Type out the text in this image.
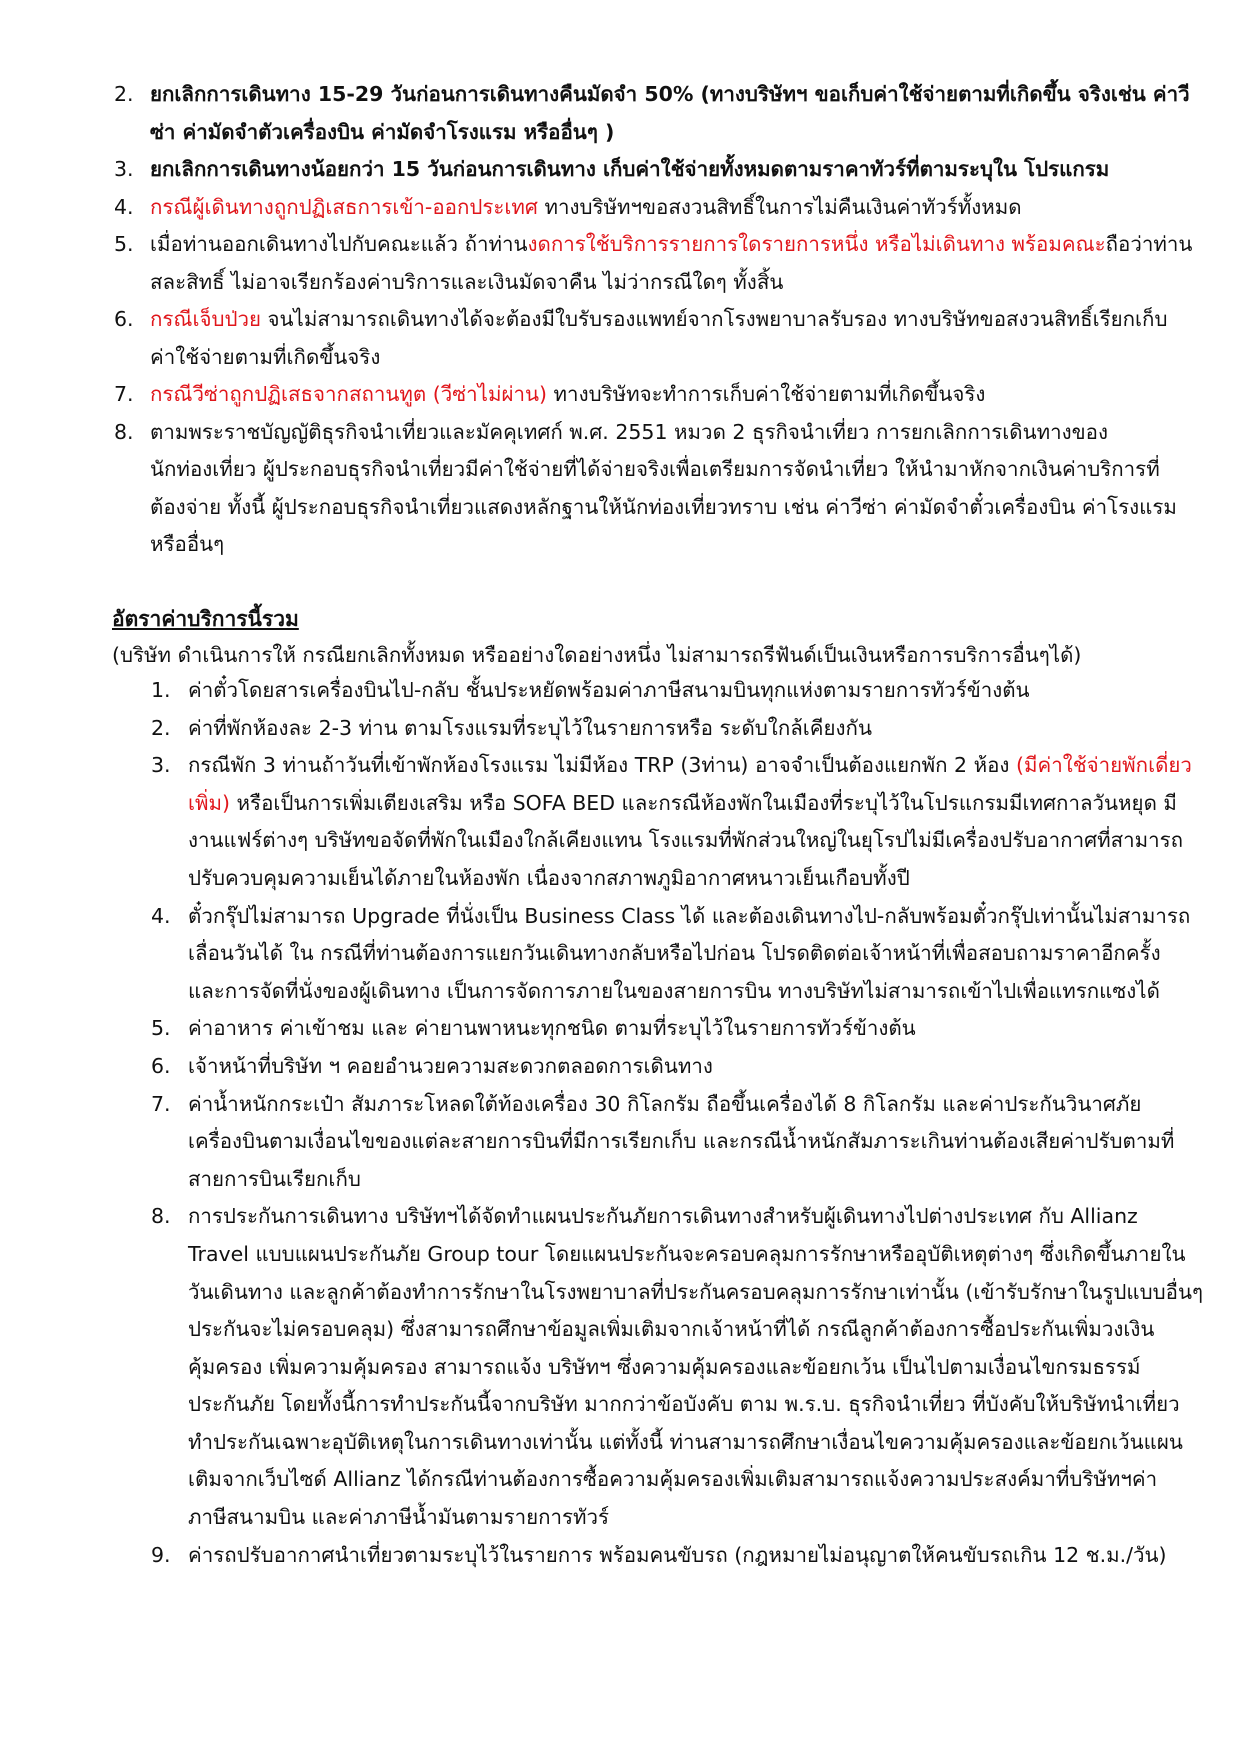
2. ยกเลิกการเดินทาง 15-29 วันก่อนการเดินทางคืนมัดจำ 50% (ทางบริษัทฯ ขอเก็บค่าใช้จ่ายตามที่เกิดขึ้น จริงเช่น ค่าวี
ซ่า ค่ามัดจำตัวเครื่องบิน ค่ามัดจำโรงแรม หรืออื่นๆ )
3. ยกเลิกการเดินทางน้อยกว่า 15 วันก่อนการเดินทาง เก็บค่าใช้จ่ายทั้งหมดตามราคาทัวร์ที่ตามระบุใน โปรแกรม
4. กรณีผู้เดินทางถูกปฏิเสธการเข้า-ออกประเทศ ทางบริษัทฯขอสงวนสิทธิ์ในการไม่คืนเงินค่าทัวร์ทั้งหมด
5. เมื่อท่านออกเดินทางไปกับคณะแล้ว ถ้าท่านงดการใช้บริการรายการใดรายการหนึ่ง หรือไม่เดินทาง พร้อมคณะถือว่าท่าน
สละสิทธิ์ ไม่อาจเรียกร้องค่าบริการและเงินมัดจาคืน ไม่ว่ากรณีใดๆ ทั้งสิ้น
6. กรณีเจ็บป่วย จนไม่สามารถเดินทางได้จะต้องมีใบรับรองแพทย์จากโรงพยาบาลรับรอง ทางบริษัทขอสงวนสิทธิ์เรียกเก็บ
ค่าใช้จ่ายตามที่เกิดขึ้นจริง
7. กรณีวีซ่าถูกปฏิเสธจากสถานทูต (วีซ่าไม่ผ่าน) ทางบริษัทจะทำการเก็บค่าใช้จ่ายตามที่เกิดขึ้นจริง
8. ตามพระราชบัญญัติธุรกิจนำเที่ยวและมัคคุเทศก์ พ.ศ. 2551 หมวด 2 ธุรกิจนำเที่ยว การยกเลิกการเดินทางของ
นักท่องเที่ยว ผู้ประกอบธุรกิจนำเที่ยวมีค่าใช้จ่ายที่ได้จ่ายจริงเพื่อเตรียมการจัดนำเที่ยว ให้นำมาหักจากเงินค่าบริการที่
ต้องจ่าย ทั้งนี้ ผู้ประกอบธุรกิจนำเที่ยวแสดงหลักฐานให้นักท่องเที่ยวทราบ เช่น ค่าวีซ่า ค่ามัดจำตั๋วเครื่องบิน ค่าโรงแรม
หรืออื่นๆ
อัตราค่าบริการนี้รวม

(บริษัท ดำเนินการให้ กรณียกเลิกทั้งหมด หรืออย่างใดอย่างหนึ่ง ไม่สามารถรีฟันด์เป็นเงินหรือการบริการอื่นๆได้)

1. ค่าตั๋วโดยสารเครื่องบินไป-กลับ ชั้นประหยัดพร้อมค่าภาษีสนามบินทุกแห่งตามรายการทัวร์ข้างต้น
2. ค่าที่พักห้องละ 2-3 ท่าน ตามโรงแรมที่ระบุไว้ในรายการหรือ ระดับใกล้เคียงกัน
3. กรณีพัก 3 ท่านถ้าวันที่เข้าพักห้องโรงแรม ไม่มีห้อง TRP (3ท่าน) อาจจำเป็นต้องแยกพัก 2 ห้อง (มีค่าใช้จ่ายพักเดี่ยว
เพิ่ม) หรือเป็นการเพิ่มเตียงเสริม หรือ SOFA BED และกรณีห้องพักในเมืองที่ระบุไว้ในโปรแกรมมีเทศกาลวันหยุด มี
งานแฟร์ต่างๆ บริษัทขอจัดที่พักในเมืองใกล้เคียงแทน โรงแรมที่พักส่วนใหญ่ในยุโรปไม่มีเครื่องปรับอากาศที่สามารถ
ปรับควบคุมความเย็นได้ภายในห้องพัก เนื่องจากสภาพภูมิอากาศหนาวเย็นเกือบทั้งปี
4. ตั๋วกรุ๊ปไม่สามารถ Upgrade ที่นั่งเป็น Business Class ได้ และต้องเดินทางไป-กลับพร้อมตั๋วกรุ๊ปเท่านั้นไม่สามารถ
เลื่อนวันได้ ใน กรณีที่ท่านต้องการแยกวันเดินทางกลับหรือไปก่อน โปรดติดต่อเจ้าหน้าที่เพื่อสอบถามราคาอีกครั้ง
และการจัดที่นั่งของผู้เดินทาง เป็นการจัดการภายในของสายการบิน ทางบริษัทไม่สามารถเข้าไปเพื่อแทรกแซงได้
5. ค่าอาหาร ค่าเข้าชม และ ค่ายานพาหนะทุกชนิด ตามที่ระบุไว้ในรายการทัวร์ข้างต้น
6. เจ้าหน้าที่บริษัท ฯ คอยอำนวยความสะดวกตลอดการเดินทาง
7. ค่าน้ำหนักกระเป๋า สัมภาระโหลดใต้ท้องเครื่อง 30 กิโลกรัม ถือขึ้นเครื่องได้ 8 กิโลกรัม และค่าประกันวินาศภัย
เครื่องบินตามเงื่อนไขของแต่ละสายการบินที่มีการเรียกเก็บ และกรณีน้ำหนักสัมภาระเกินท่านต้องเสียค่าปรับตามที่
สายการบินเรียกเก็บ
8. การประกันการเดินทาง บริษัทฯได้จัดทำแผนประกันภัยการเดินทางสำหรับผู้เดินทางไปต่างประเทศ กับ Allianz
Travel แบบแผนประกันภัย Group tour โดยแผนประกันจะครอบคลุมการรักษาหรืออุบัติเหตุต่างๆ ซึ่งเกิดขึ้นภายใน
วันเดินทาง และลูกค้าต้องทำการรักษาในโรงพยาบาลที่ประกันครอบคลุมการรักษาเท่านั้น (เข้ารับรักษาในรูปแบบอื่นๆ
ประกันจะไม่ครอบคลุม) ซึ่งสามารถศึกษาข้อมูลเพิ่มเติมจากเจ้าหน้าที่ได้ กรณีลูกค้าต้องการซื้อประกันเพิ่มวงเงิน
คุ้มครอง เพิ่มความคุ้มครอง สามารถแจ้ง บริษัทฯ ซึ่งความคุ้มครองและข้อยกเว้น เป็นไปตามเงื่อนไขกรมธรรม์
ประกันภัย โดยทั้งนี้การทำประกันนี้จากบริษัท มากกว่าข้อบังคับ ตาม พ.ร.บ. ธุรกิจนำเที่ยว ที่บังคับให้บริษัทนำเที่ยว
ทำประกันเฉพาะอุบัติเหตุในการเดินทางเท่านั้น แต่ทั้งนี้ ท่านสามารถศึกษาเงื่อนไขความคุ้มครองและข้อยกเว้นแผน
เติมจากเว็บไซด์ Allianz ได้กรณีท่านต้องการซื้อความคุ้มครองเพิ่มเติมสามารถแจ้งความประสงค์มาที่บริษัทฯค่า
ภาษีสนามบิน และค่าภาษีน้ำมันตามรายการทัวร์
9. ค่ารถปรับอากาศนำเที่ยวตามระบุไว้ในรายการ พร้อมคนขับรถ (กฎหมายไม่อนุญาตให้คนขับรถเกิน 12 ช.ม./วัน)
